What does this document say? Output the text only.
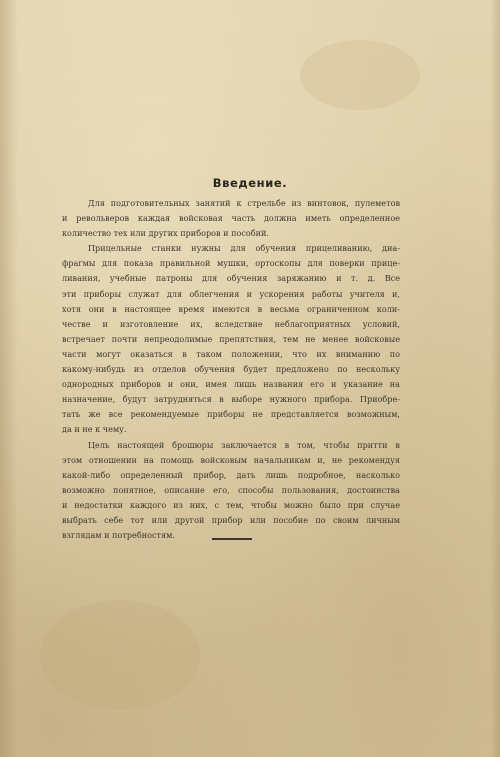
Введение.
Для подготовительных занятий к стрельбе из винтовок, пулеметов
и револьверов каждая войсковая часть должна иметь определенное
количество тех или других приборов и пособий.
Прицельные станки нужны для обучения прицеливанию, диа-
фрагмы для показа правильной мушки, ортоскопы для поверки прице-
ливания, учебные патроны для обучения заряжанию и т. д. Все
эти приборы служат для облегчения и ускорения работы учителя и,
хотя они в настоящее время имеются в весьма ограниченном коли-
честве и изготовление их, вследствие неблагоприятных условий,
встречает почти непреодолимые препятствия, тем не менее войсковые
части могут оказаться в таком положении, что их вниманию по
какому-нибудь из отделов обучения будет предложено по нескольку
однородных приборов и они, имея лишь названия его и указание на
назначение, будут затрудняться в выборе нужного прибора. Приобре-
тать же все рекомендуемые приборы не представляется возможным,
да и не к чему.
Цель настоящей брошюры заключается в том, чтобы притти в
этом отношении на помощь войсковым начальникам и, не рекомендуя
какой-либо определенный прибор, дать лишь подробное, насколько
возможно понятное, описание его, способы пользования, достоинства
и недостатки каждого из них, с тем, чтобы можно было при случае
выбрать себе тот или другой прибор или пособие по своим личным
взглядам и потребностям.
